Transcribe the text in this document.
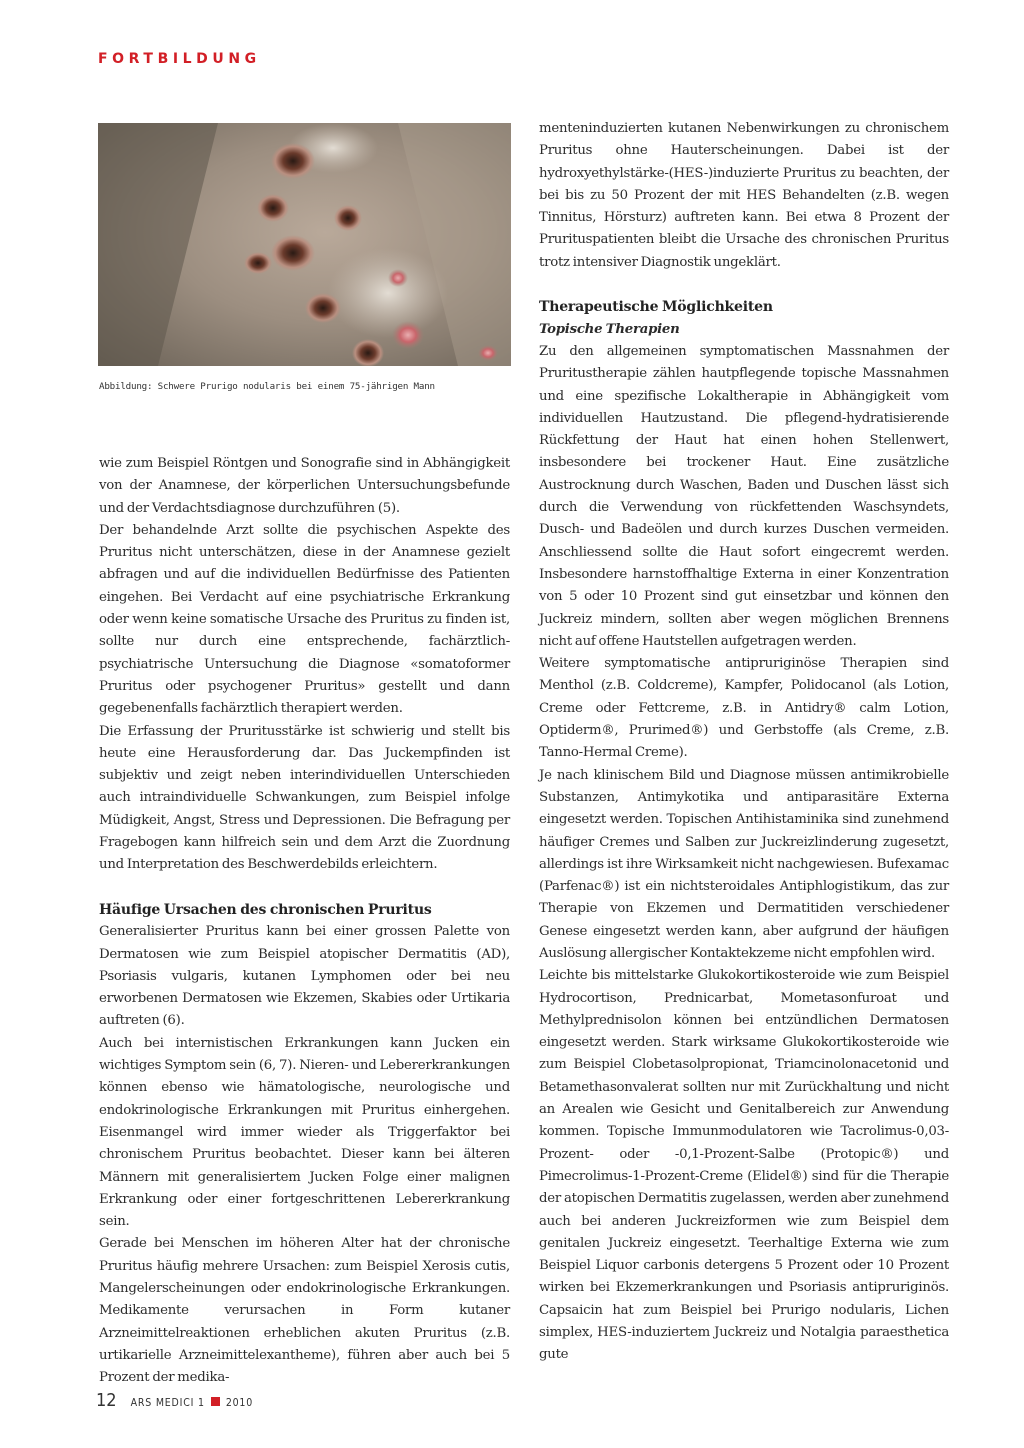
FORTBILDUNG
Abbildung: Schwere Prurigo nodularis bei einem 75-jährigen Mann

wie zum Beispiel Röntgen und Sonografie sind in Abhängigkeit von der Anamnese, der körperlichen Untersuchungsbefunde und der Verdachtsdiagnose durchzuführen (5).

Der behandelnde Arzt sollte die psychischen Aspekte des Pruritus nicht unterschätzen, diese in der Anamnese gezielt abfragen und auf die individuellen Bedürfnisse des Patienten eingehen. Bei Verdacht auf eine psychiatrische Erkrankung oder wenn keine somatische Ursache des Pruritus zu finden ist, sollte nur durch eine entsprechende, fachärztlich-psychiatrische Untersuchung die Diagnose «somatoformer Pruritus oder psychogener Pruritus» gestellt und dann gegebenenfalls fachärztlich therapiert werden.

Die Erfassung der Pruritusstärke ist schwierig und stellt bis heute eine Herausforderung dar. Das Juckempfinden ist subjektiv und zeigt neben interindividuellen Unterschieden auch intraindividuelle Schwankungen, zum Beispiel infolge Müdigkeit, Angst, Stress und Depressionen. Die Befragung per Fragebogen kann hilfreich sein und dem Arzt die Zuordnung und Interpretation des Beschwerdebilds erleichtern.

Häufige Ursachen des chronischen Pruritus

Generalisierter Pruritus kann bei einer grossen Palette von Dermatosen wie zum Beispiel atopischer Dermatitis (AD), Psoriasis vulgaris, kutanen Lymphomen oder bei neu erworbenen Dermatosen wie Ekzemen, Skabies oder Urtikaria auftreten (6).

Auch bei internistischen Erkrankungen kann Jucken ein wichtiges Symptom sein (6, 7). Nieren- und Lebererkrankungen können ebenso wie hämatologische, neurologische und endokrinologische Erkrankungen mit Pruritus einhergehen. Eisenmangel wird immer wieder als Triggerfaktor bei chronischem Pruritus beobachtet. Dieser kann bei älteren Männern mit generalisiertem Jucken Folge einer malignen Erkrankung oder einer fortgeschrittenen Lebererkrankung sein.

Gerade bei Menschen im höheren Alter hat der chronische Pruritus häufig mehrere Ursachen: zum Beispiel Xerosis cutis, Mangelerscheinungen oder endokrinologische Erkrankungen. Medikamente verursachen in Form kutaner Arzneimittelreaktionen erheblichen akuten Pruritus (z.B. urtikarielle Arzneimittelexantheme), führen aber auch bei 5 Prozent der medika-

menteninduzierten kutanen Nebenwirkungen zu chronischem Pruritus ohne Hauterscheinungen. Dabei ist der hydroxyethylstärke-(HES-)induzierte Pruritus zu beachten, der bei bis zu 50 Prozent der mit HES Behandelten (z.B. wegen Tinnitus, Hörsturz) auftreten kann. Bei etwa 8 Prozent der Prurituspatienten bleibt die Ursache des chronischen Pruritus trotz intensiver Diagnostik ungeklärt.

Therapeutische Möglichkeiten
Topische Therapien

Zu den allgemeinen symptomatischen Massnahmen der Pruritustherapie zählen hautpflegende topische Massnahmen und eine spezifische Lokaltherapie in Abhängigkeit vom individuellen Hautzustand. Die pflegend-hydratisierende Rückfettung der Haut hat einen hohen Stellenwert, insbesondere bei trockener Haut. Eine zusätzliche Austrocknung durch Waschen, Baden und Duschen lässt sich durch die Verwendung von rückfettenden Waschsyndets, Dusch- und Badeölen und durch kurzes Duschen vermeiden. Anschliessend sollte die Haut sofort eingecremt werden. Insbesondere harnstoffhaltige Externa in einer Konzentration von 5 oder 10 Prozent sind gut einsetzbar und können den Juckreiz mindern, sollten aber wegen möglichen Brennens nicht auf offene Hautstellen aufgetragen werden.

Weitere symptomatische antipruriginöse Therapien sind Menthol (z.B. Coldcreme), Kampfer, Polidocanol (als Lotion, Creme oder Fettcreme, z.B. in Antidry® calm Lotion, Optiderm®, Prurimed®) und Gerbstoffe (als Creme, z.B. Tanno-Hermal Creme).

Je nach klinischem Bild und Diagnose müssen antimikrobielle Substanzen, Antimykotika und antiparasitäre Externa eingesetzt werden. Topischen Antihistaminika sind zunehmend häufiger Cremes und Salben zur Juckreizlinderung zugesetzt, allerdings ist ihre Wirksamkeit nicht nachgewiesen. Bufexamac (Parfenac®) ist ein nichtsteroidales Antiphlogistikum, das zur Therapie von Ekzemen und Dermatitiden verschiedener Genese eingesetzt werden kann, aber aufgrund der häufigen Auslösung allergischer Kontaktekzeme nicht empfohlen wird.

Leichte bis mittelstarke Glukokortikosteroide wie zum Beispiel Hydrocortison, Prednicarbat, Mometasonfuroat und Methylprednisolon können bei entzündlichen Dermatosen eingesetzt werden. Stark wirksame Glukokortikosteroide wie zum Beispiel Clobetasolpropionat, Triamcinolonacetonid und Betamethasonvalerat sollten nur mit Zurückhaltung und nicht an Arealen wie Gesicht und Genitalbereich zur Anwendung kommen. Topische Immunmodulatoren wie Tacrolimus-0,03-Prozent- oder -0,1-Prozent-Salbe (Protopic®) und Pimecrolimus-1-Prozent-Creme (Elidel®) sind für die Therapie der atopischen Dermatitis zugelassen, werden aber zunehmend auch bei anderen Juckreizformen wie zum Beispiel dem genitalen Juckreiz eingesetzt. Teerhaltige Externa wie zum Beispiel Liquor carbonis detergens 5 Prozent oder 10 Prozent wirken bei Ekzemerkrankungen und Psoriasis antipruriginös. Capsaicin hat zum Beispiel bei Prurigo nodularis, Lichen simplex, HES-induziertem Juckreiz und Notalgia paraesthetica gute

12 ARS MEDICI 1 2010
